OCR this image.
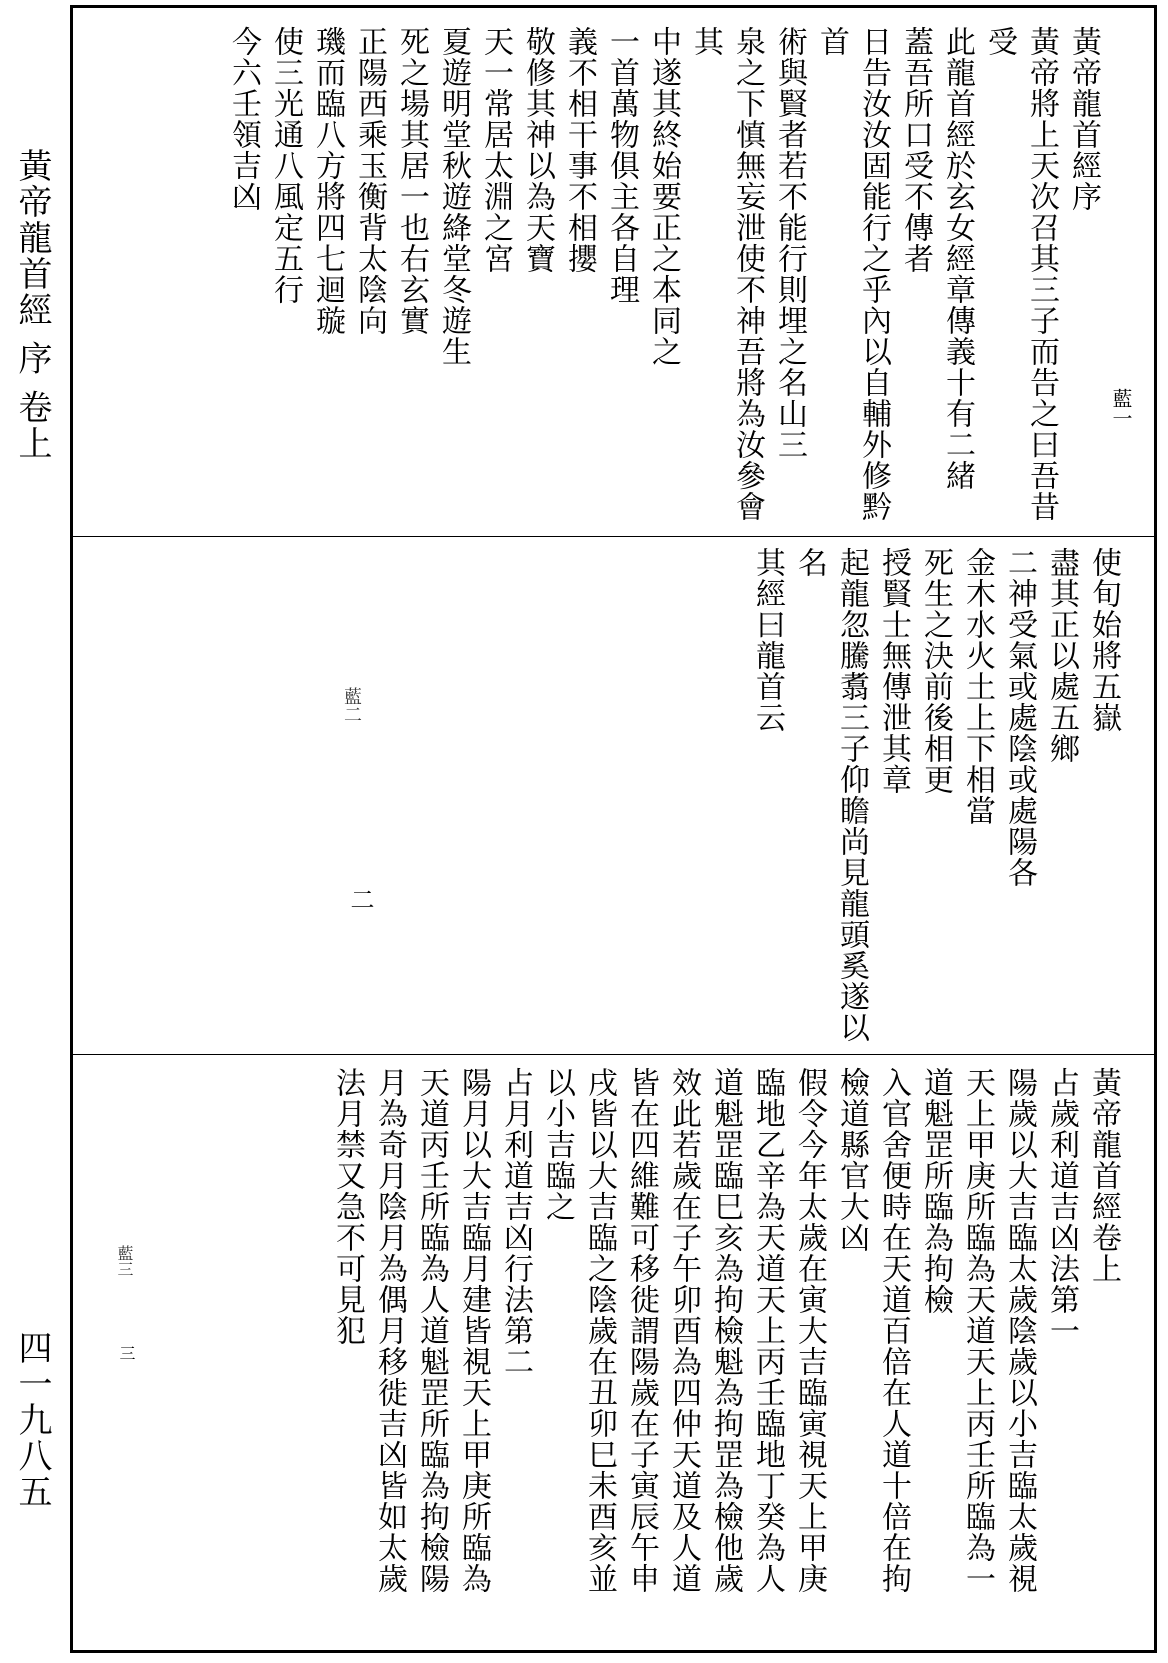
黃帝龍首經 序 卷上
四一九八五
黃帝龍首經序
黃帝將上天次召其三子而告之曰吾昔受
此龍首經於玄女經章傳義十有二緒
蓋吾所口受不傳者
日告汝汝固能行之乎內以自輔外修黔首
術與賢者若不能行則埋之名山三
泉之下慎無妄泄使不神吾將為汝參會其
中遂其終始要正之本同之
一首萬物俱主各自理
義不相干事不相攖
敬修其神以為天寶
天一常居太淵之宮
夏遊明堂秋遊絳堂冬遊生
死之場其居一也右玄實
正陽西乘玉衡背太陰向
璣而臨八方將四七迴璇
使三光通八風定五行
今六壬領吉凶
藍一
使旬始將五嶽
盡其正以處五鄉
二神受氣或處陰或處陽各
金木水火土上下相當
死生之決前後相更
授賢士無傳泄其章
起龍忽騰翥三子仰瞻尚見龍頭奚遂以名
其經曰龍首云
藍二
二
黃帝龍首經卷上
占歲利道吉凶法第一
陽歲以大吉臨太歲陰歲以小吉臨太歲視
天上甲庚所臨為天道天上丙壬所臨為一
道魁罡所臨為拘檢
入官舍便時在天道百倍在人道十倍在拘
檢道縣官大凶
假令今年太歲在寅大吉臨寅視天上甲庚
臨地乙辛為天道天上丙壬臨地丁癸為人
道魁罡臨巳亥為拘檢魁為拘罡為檢他歲
效此若歲在子午卯酉為四仲天道及人道
皆在四維難可移徙謂陽歲在子寅辰午申
戌皆以大吉臨之陰歲在丑卯巳未酉亥並
以小吉臨之
占月利道吉凶行法第二
陽月以大吉臨月建皆視天上甲庚所臨為
天道丙壬所臨為人道魁罡所臨為拘檢陽
月為奇月陰月為偶月移徙吉凶皆如太歲
法月禁又急不可見犯
藍三
三
